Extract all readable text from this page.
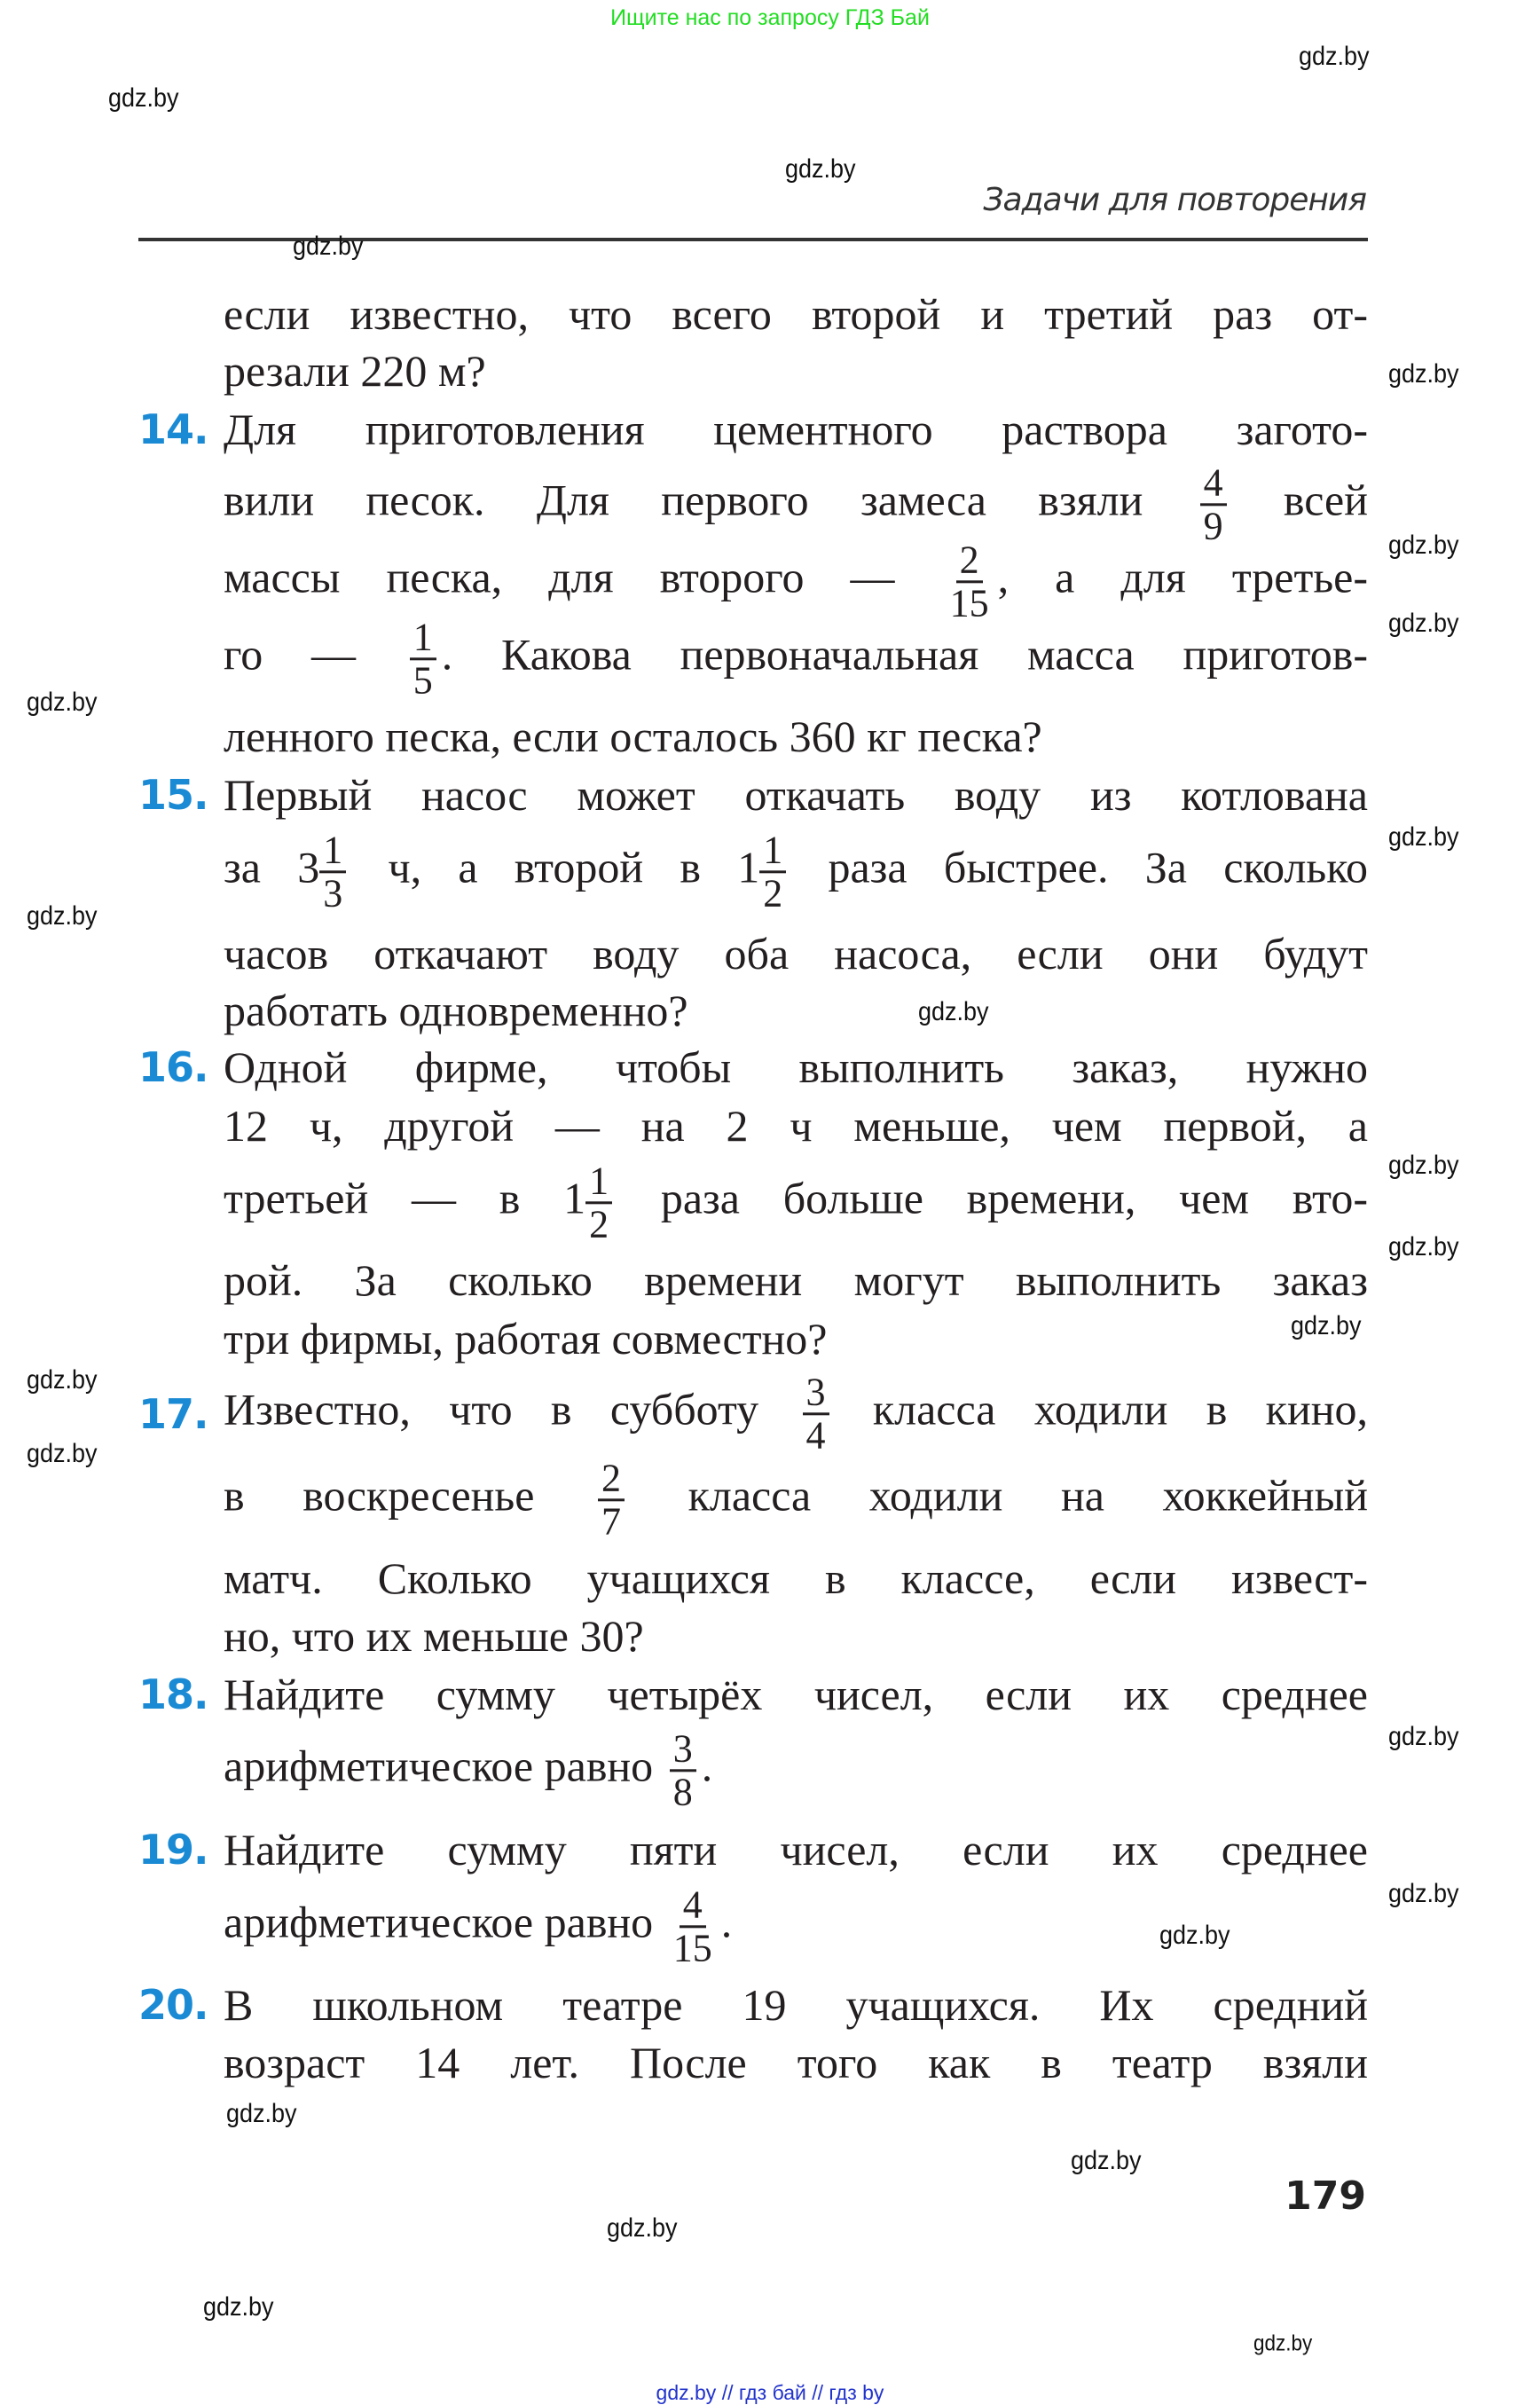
Ищите нас по запросу ГДЗ Бай
Задачи для повторения
если известно, что всего второй и третий раз от-
резали 220 м?
14. Для приготовления цементного раствора загото-
вили песок. Для первого замеса взяли $\frac{4}{9}$ всей
массы песка, для второго — $\frac{2}{15}$ , а для третье-
го — $\frac{1}{5}$ . Какова первоначальная масса приготов-
ленного песка, если осталось 360 кг песка?
15. Первый насос может откачать воду из котлована
за $3 \frac{1}{3} ч$, а второй в $1 \frac{1}{2}$ раза быстрее. За сколько
часов откачают воду оба насоса, если они будут
работать одновременно?
16. Одной фирме, чтобы выполнить заказ, нужно
12 ч, другой — на 2 ч меньше, чем первой, а
третьей — в $1 \frac{1}{2}$ раза больше времени, чем вто-
рой. За сколько времени могут выполнить заказ
три фирмы, работая совместно?
17. Известно, что в субботу $\frac{3}{4}$ класса ходили в кино,
в воскресенье $\frac{2}{7}$ класса ходили на хоккейный
матч. Сколько учащихся в классе, если извест-
но, что их меньше 30?
18. Найдите сумму четырёх чисел, если их среднее
арифметическое равно $\frac{3}{8}$ .
19. Найдите сумму пяти чисел, если их среднее
арифметическое равно $\frac{4}{15}$ .
20. В школьном театре 19 учащихся. Их средний
возраст 14 лет. После того как в театр взяли
gdz.by
gdz.by
gdz.by
gdz.by
gdz.by
gdz.by
gdz.by
gdz.by
gdz.by
gdz.by
gdz.by
gdz.by
gdz.by
gdz.by
gdz.by
gdz.by
gdz.by
gdz.by
gdz.by
gdz.by
gdz.by
gdz.by
gdz.by
gdz.by
179
gdz.by // гдз бай // гдз by
